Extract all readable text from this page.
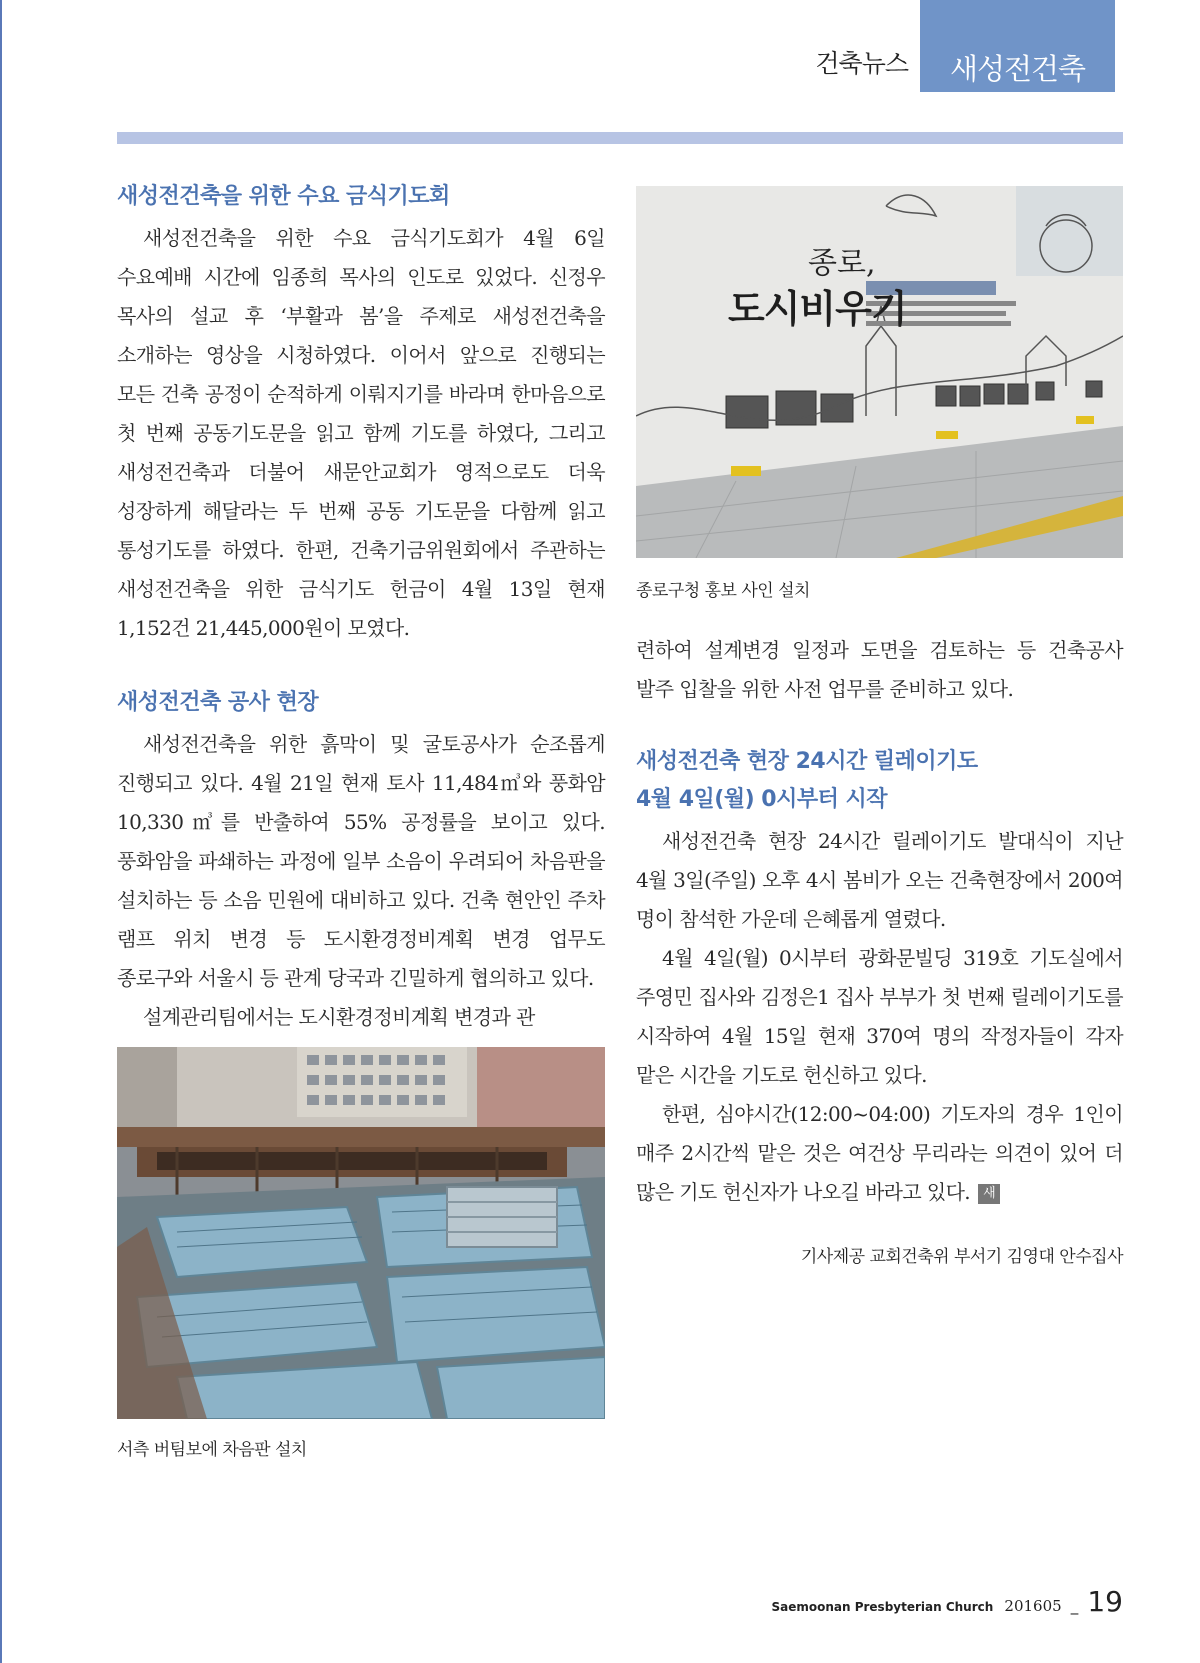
건축뉴스	새성전건축
새성전건축을 위한 수요 금식기도회

새성전건축을 위한 수요 금식기도회가 4월 6일 수요예배 시간에 임종희 목사의 인도로 있었다. 신정우 목사의 설교 후 ‘부활과 봄’을 주제로 새성전건축을 소개하는 영상을 시청하였다. 이어서 앞으로 진행되는 모든 건축 공정이 순적하게 이뤄지기를 바라며 한마음으로 첫 번째 공동기도문을 읽고 함께 기도를 하였다, 그리고 새성전건축과 더불어 새문안교회가 영적으로도 더욱 성장하게 해달라는 두 번째 공동 기도문을 다함께 읽고 통성기도를 하였다. 한편, 건축기금위원회에서 주관하는 새성전건축을 위한 금식기도 헌금이 4월 13일 현재 1,152건 21,445,000원이 모였다.

새성전건축 공사 현장

새성전건축을 위한 흙막이 및 굴토공사가 순조롭게 진행되고 있다. 4월 21일 현재 토사 11,484㎥와 풍화암 10,330㎥를 반출하여 55% 공정률을 보이고 있다. 풍화암을 파쇄하는 과정에 일부 소음이 우려되어 차음판을 설치하는 등 소음 민원에 대비하고 있다. 건축 현안인 주차 램프 위치 변경 등 도시환경정비계획 변경 업무도 종로구와 서울시 등 관계 당국과 긴밀하게 협의하고 있다.

설계관리팀에서는 도시환경정비계획 변경과 관

서측 버팀보에 차음판 설치
종로,
도시비우기
종로구청 홍보 사인 설치

련하여 설계변경 일정과 도면을 검토하는 등 건축공사 발주 입찰을 위한 사전 업무를 준비하고 있다.

새성전건축 현장 24시간 릴레이기도
4월 4일(월) 0시부터 시작

새성전건축 현장 24시간 릴레이기도 발대식이 지난 4월 3일(주일) 오후 4시 봄비가 오는 건축현장에서 200여 명이 참석한 가운데 은혜롭게 열렸다.

4월 4일(월) 0시부터 광화문빌딩 319호 기도실에서 주영민 집사와 김정은1 집사 부부가 첫 번째 릴레이기도를 시작하여 4월 15일 현재 370여 명의 작정자들이 각자 맡은 시간을 기도로 헌신하고 있다.

한편, 심야시간(12:00~04:00) 기도자의 경우 1인이 매주 2시간씩 맡은 것은 여건상 무리라는 의견이 있어 더 많은 기도 헌신자가 나오길 바라고 있다. 새

기사제공 교회건축위 부서기 김영대 안수집사
Saemoonan Presbyterian Church 201605 _ 19
